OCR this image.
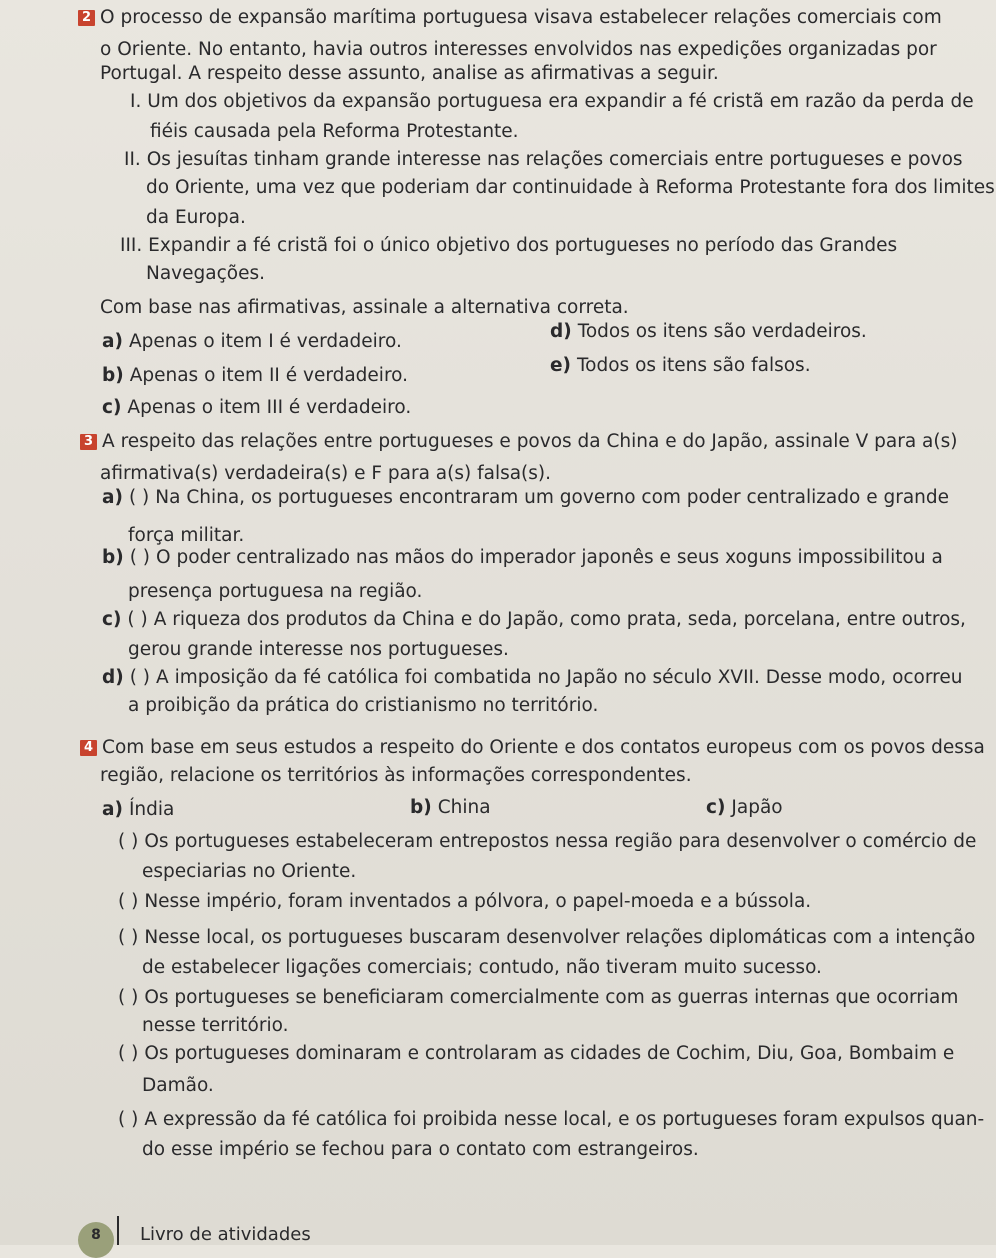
2 O processo de expansão marítima portuguesa visava estabelecer relações comerciais com
o Oriente. No entanto, havia outros interesses envolvidos nas expedições organizadas por
Portugal. A respeito desse assunto, analise as afirmativas a seguir.
I. Um dos objetivos da expansão portuguesa era expandir a fé cristã em razão da perda de
fiéis causada pela Reforma Protestante.
II. Os jesuítas tinham grande interesse nas relações comerciais entre portugueses e povos
do Oriente, uma vez que poderiam dar continuidade à Reforma Protestante fora dos limites
da Europa.
III. Expandir a fé cristã foi o único objetivo dos portugueses no período das Grandes
Navegações.
Com base nas afirmativas, assinale a alternativa correta.
a) Apenas o item I é verdadeiro.
b) Apenas o item II é verdadeiro.
c) Apenas o item III é verdadeiro.
d) Todos os itens são verdadeiros.
e) Todos os itens são falsos.
3 A respeito das relações entre portugueses e povos da China e do Japão, assinale V para a(s)
afirmativa(s) verdadeira(s) e F para a(s) falsa(s).
a) ( ) Na China, os portugueses encontraram um governo com poder centralizado e grande
força militar.
b) ( ) O poder centralizado nas mãos do imperador japonês e seus xoguns impossibilitou a
presença portuguesa na região.
c) ( ) A riqueza dos produtos da China e do Japão, como prata, seda, porcelana, entre outros,
gerou grande interesse nos portugueses.
d) ( ) A imposição da fé católica foi combatida no Japão no século XVII. Desse modo, ocorreu
a proibição da prática do cristianismo no território.
4 Com base em seus estudos a respeito do Oriente e dos contatos europeus com os povos dessa
região, relacione os territórios às informações correspondentes.
a) Índia	b) China	c) Japão
( ) Os portugueses estabeleceram entrepostos nessa região para desenvolver o comércio de
especiarias no Oriente.
( ) Nesse império, foram inventados a pólvora, o papel-moeda e a bússola.
( ) Nesse local, os portugueses buscaram desenvolver relações diplomáticas com a intenção
de estabelecer ligações comerciais; contudo, não tiveram muito sucesso.
( ) Os portugueses se beneficiaram comercialmente com as guerras internas que ocorriam
nesse território.
( ) Os portugueses dominaram e controlaram as cidades de Cochim, Diu, Goa, Bombaim e
Damão.
( ) A expressão da fé católica foi proibida nesse local, e os portugueses foram expulsos quan-
do esse império se fechou para o contato com estrangeiros.
8	Livro de atividades
